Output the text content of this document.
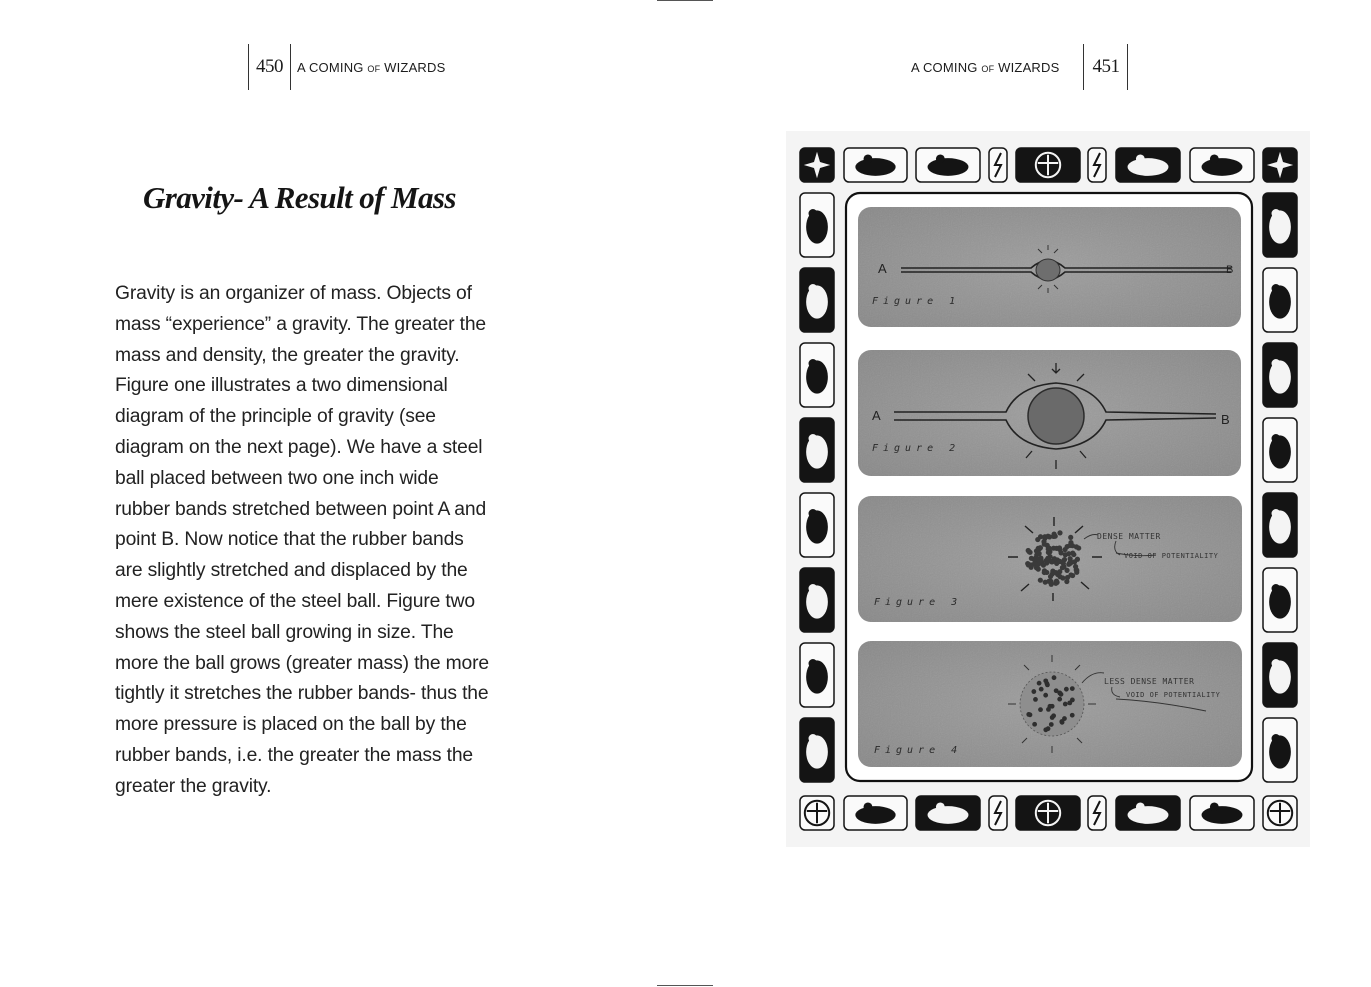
450	A COMING OF WIZARDS
Gravity- A Result of Mass

Gravity is an organizer of mass. Objects of mass “experience” a gravity. The greater the mass and density, the greater the gravity. Figure one illustrates a two dimensional diagram of the principle of gravity (see diagram on the next page). We have a steel ball placed between two one inch wide rubber bands stretched between point A and point B. Now notice that the rubber bands are slightly stretched and displaced by the mere existence of the steel ball. Figure two shows the steel ball growing in size. The more the ball grows (greater mass) the more tightly it stretches the rubber bands- thus the more pressure is placed on the ball by the rubber bands, i.e. the greater the mass the greater the gravity.

A COMING OF WIZARDS	451
Figure 1
A	B
Figure 2
A	B
Figure 3
DENSE MATTER
VOID OF POTENTIALITY
Figure 4
LESS DENSE MATTER
VOID OF POTENTIALITY
